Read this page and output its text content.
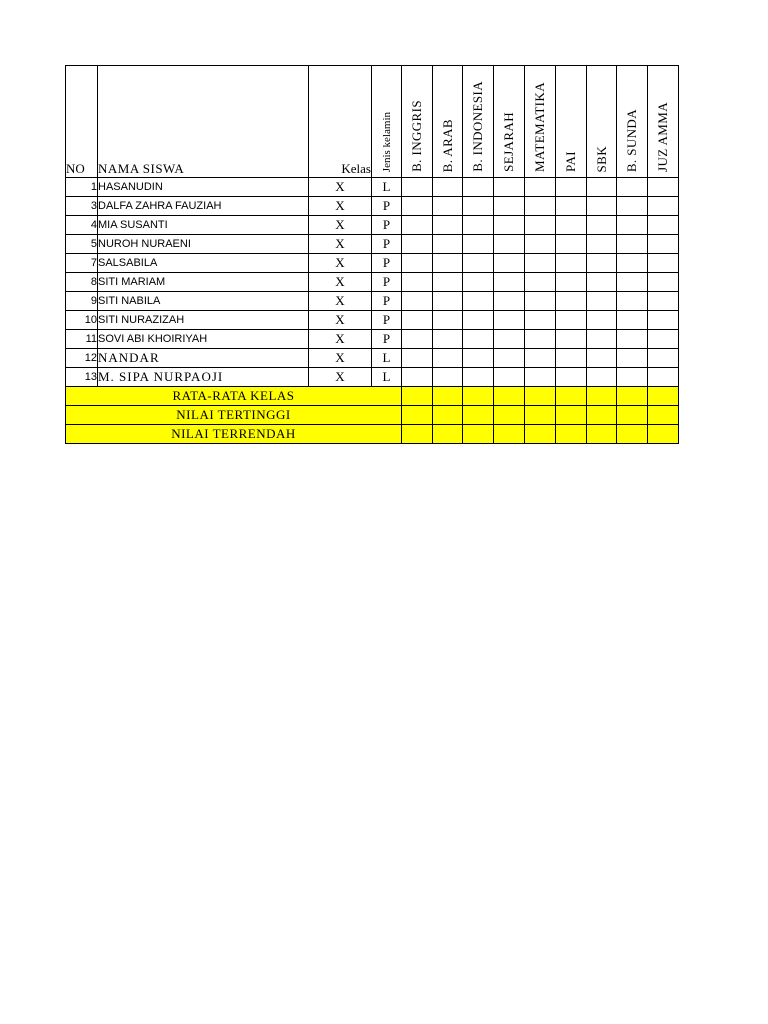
NO	NAMA SISWA	Kelas	Jenis kelamin	B. INGGRIS	B. ARAB	B. INDONESIA	SEJARAH	MATEMATIKA	PAI	SBK	B. SUNDA	JUZ AMMA
1	HASANUDIN	X	L									
3	DALFA ZAHRA FAUZIAH	X	P									
4	MIA SUSANTI	X	P									
5	NUROH NURAENI	X	P									
7	SALSABILA	X	P									
8	SITI MARIAM	X	P									
9	SITI NABILA	X	P									
10	SITI NURAZIZAH	X	P									
11	SOVI ABI KHOIRIYAH	X	P									
12	NANDAR	X	L									
13	M. SIPA NURPAOJI	X	L									
RATA-RATA KELAS												
NILAI TERTINGGI												
NILAI TERRENDAH												
